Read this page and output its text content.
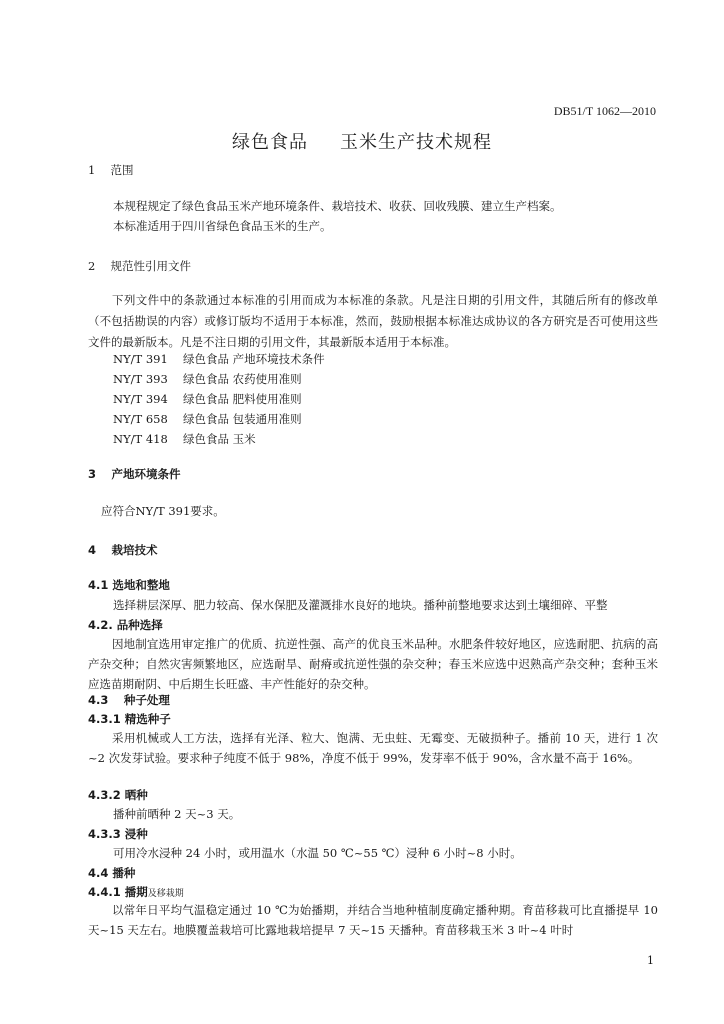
DB51/T 1062—2010
绿色食品 玉米生产技术规程
1　 范围
本规程规定了绿色食品玉米产地环境条件、栽培技术、收获、回收残膜、建立生产档案。
本标准适用于四川省绿色食品玉米的生产。
2　 规范性引用文件
下列文件中的条款通过本标准的引用而成为本标准的条款。凡是注日期的引用文件，其随后所有的修改单（不包括勘误的内容）或修订版均不适用于本标准，然而，鼓励根据本标准达成协议的各方研究是否可使用这些文件的最新版本。凡是不注日期的引用文件，其最新版本适用于本标准。
NY/T 391 绿色食品 产地环境技术条件
NY/T 393 绿色食品 农药使用准则
NY/T 394 绿色食品 肥料使用准则
NY/T 658 绿色食品 包装通用准则
NY/T 418 绿色食品 玉米
3　 产地环境条件
应符合NY/T 391要求。
4　 栽培技术
4.1 选地和整地
选择耕层深厚、肥力较高、保水保肥及灌溉排水良好的地块。播种前整地要求达到土壤细碎、平整
4.2. 品种选择
因地制宜选用审定推广的优质、抗逆性强、高产的优良玉米品种。水肥条件较好地区，应选耐肥、抗病的高产杂交种；自然灾害频繁地区，应选耐旱、耐瘠或抗逆性强的杂交种；春玉米应选中迟熟高产杂交种；套种玉米应选苗期耐阴、中后期生长旺盛、丰产性能好的杂交种。
4.3　 种子处理
4.3.1 精选种子
采用机械或人工方法，选择有光泽、粒大、饱满、无虫蛀、无霉变、无破损种子。播前 10 天，进行 1 次~2 次发芽试验。要求种子纯度不低于 98%，净度不低于 99%，发芽率不低于 90%，含水量不高于 16%。
4.3.2 晒种
播种前晒种 2 天~3 天。
4.3.3 浸种
可用冷水浸种 24 小时，或用温水（水温 50 ℃~55 ℃）浸种 6 小时~8 小时。
4.4 播种
4.4.1 播期及移栽期
以常年日平均气温稳定通过 10 ℃为始播期，并结合当地种植制度确定播种期。育苗移栽可比直播提早 10 天~15 天左右。地膜覆盖栽培可比露地栽培提早 7 天~15 天播种。育苗移栽玉米 3 叶~4 叶时
1
